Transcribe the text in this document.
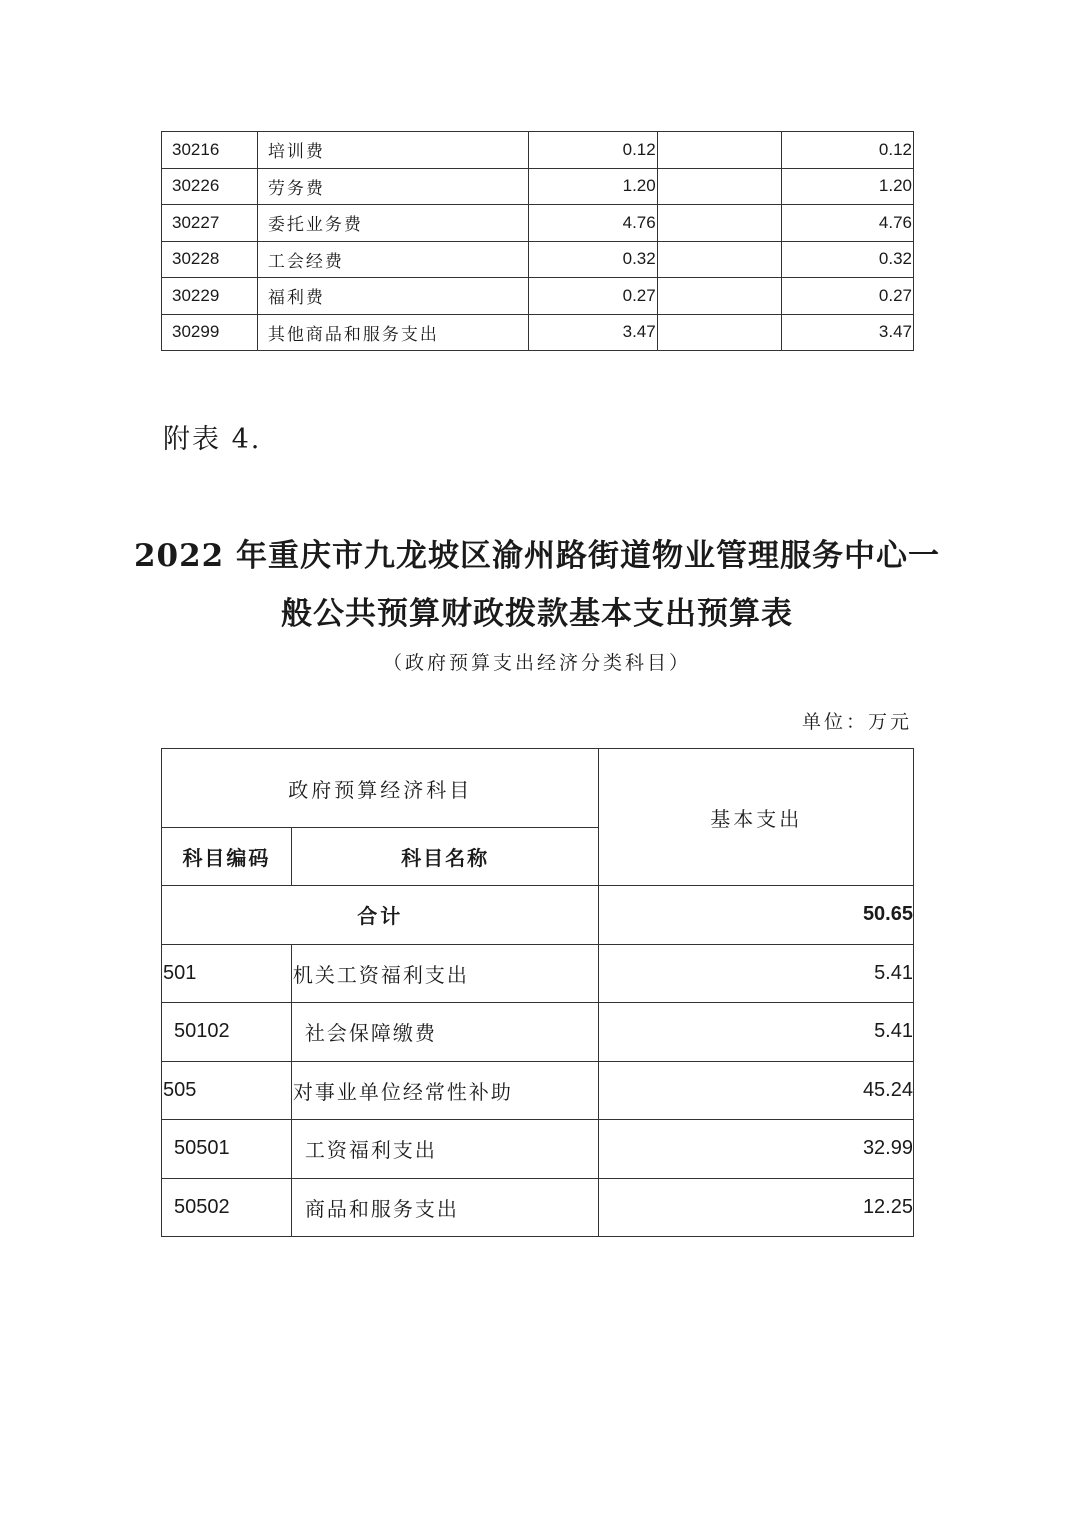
30216	培训费	0.12		0.12
30226	劳务费	1.20		1.20
30227	委托业务费	4.76		4.76
30228	工会经费	0.32		0.32
30229	福利费	0.27		0.27
30299	其他商品和服务支出	3.47		3.47
附表 4.
2022 年重庆市九龙坡区渝州路街道物业管理服务中心一
般公共预算财政拨款基本支出预算表
（政府预算支出经济分类科目）
单位：万元
政府预算经济科目		基本支出
科目编码	科目名称	
合计		50.65
501	机关工资福利支出	5.41
50102	社会保障缴费	5.41
505	对事业单位经常性补助	45.24
50501	工资福利支出	32.99
50502	商品和服务支出	12.25
